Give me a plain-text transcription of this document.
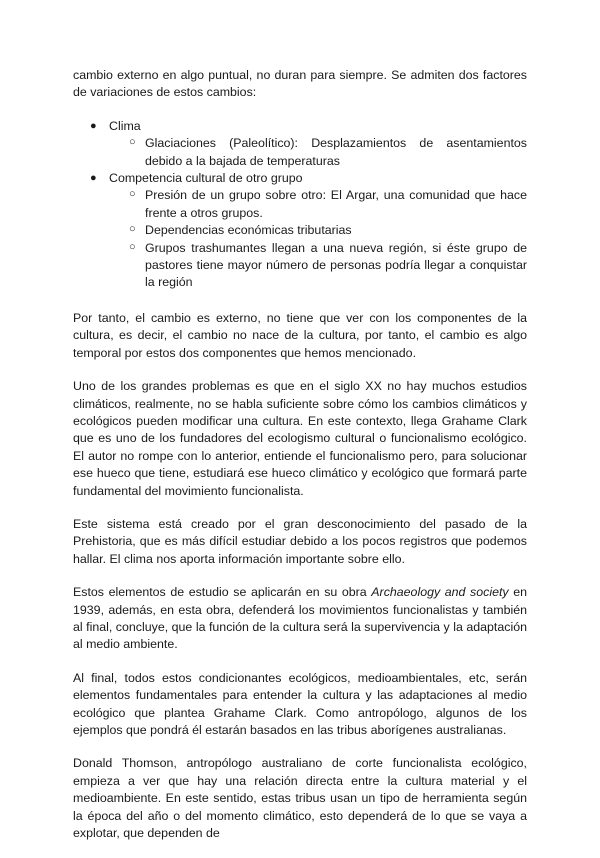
cambio externo en algo puntual, no duran para siempre. Se admiten dos factores de variaciones de estos cambios:

● Clima
○ Glaciaciones (Paleolítico): Desplazamientos de asentamientos debido a la bajada de temperaturas
● Competencia cultural de otro grupo
○ Presión de un grupo sobre otro: El Argar, una comunidad que hace frente a otros grupos.
○ Dependencias económicas tributarias
○ Grupos trashumantes llegan a una nueva región, si éste grupo de pastores tiene mayor número de personas podría llegar a conquistar la región

Por tanto, el cambio es externo, no tiene que ver con los componentes de la cultura, es decir, el cambio no nace de la cultura, por tanto, el cambio es algo temporal por estos dos componentes que hemos mencionado.

Uno de los grandes problemas es que en el siglo XX no hay muchos estudios climáticos, realmente, no se habla suficiente sobre cómo los cambios climáticos y ecológicos pueden modificar una cultura. En este contexto, llega Grahame Clark que es uno de los fundadores del ecologismo cultural o funcionalismo ecológico. El autor no rompe con lo anterior, entiende el funcionalismo pero, para solucionar ese hueco que tiene, estudiará ese hueco climático y ecológico que formará parte fundamental del movimiento funcionalista.

Este sistema está creado por el gran desconocimiento del pasado de la Prehistoria, que es más difícil estudiar debido a los pocos registros que podemos hallar. El clima nos aporta información importante sobre ello.

Estos elementos de estudio se aplicarán en su obra Archaeology and society en 1939, además, en esta obra, defenderá los movimientos funcionalistas y también al final, concluye, que la función de la cultura será la supervivencia y la adaptación al medio ambiente.

Al final, todos estos condicionantes ecológicos, medioambientales, etc, serán elementos fundamentales para entender la cultura y las adaptaciones al medio ecológico que plantea Grahame Clark. Como antropólogo, algunos de los ejemplos que pondrá él estarán basados en las tribus aborígenes australianas.

Donald Thomson, antropólogo australiano de corte funcionalista ecológico, empieza a ver que hay una relación directa entre la cultura material y el medioambiente. En este sentido, estas tribus usan un tipo de herramienta según la época del año o del momento climático, esto dependerá de lo que se vaya a explotar, que dependen de
